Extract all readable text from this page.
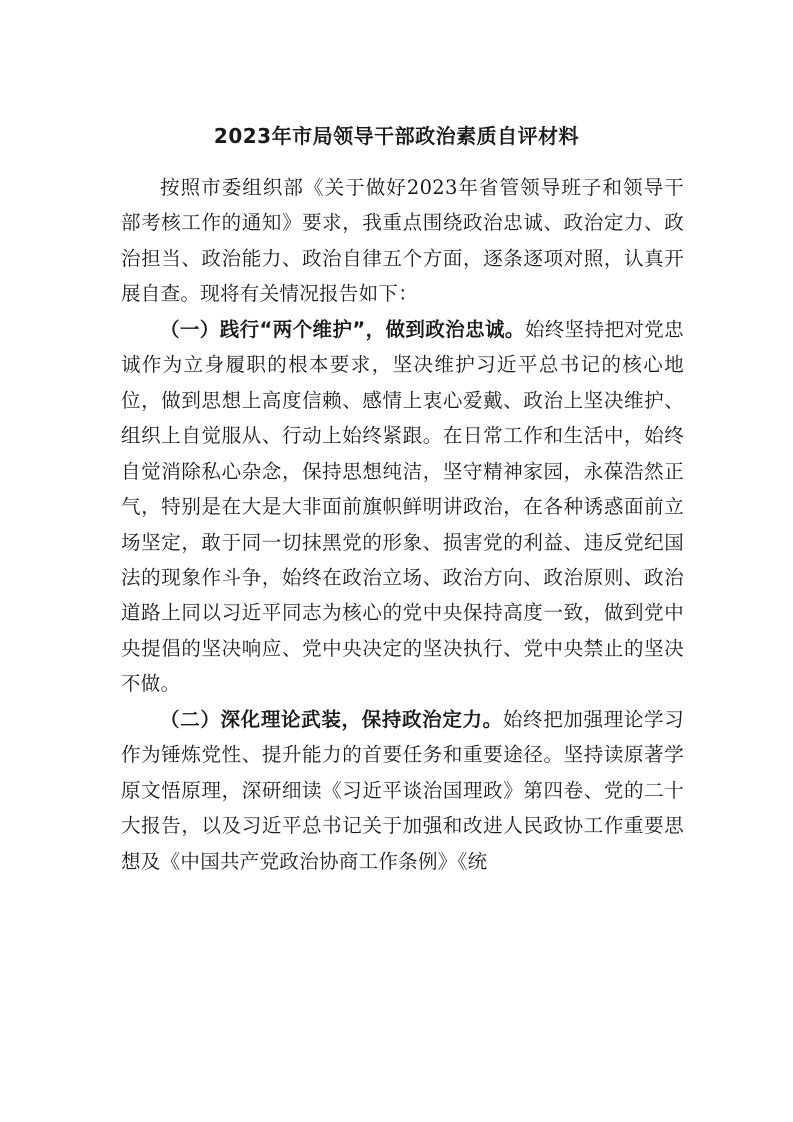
2023年市局领导干部政治素质自评材料

按照市委组织部《关于做好2023年省管领导班子和领导干部考核工作的通知》要求，我重点围绕政治忠诚、政治定力、政治担当、政治能力、政治自律五个方面，逐条逐项对照，认真开展自查。现将有关情况报告如下：

（一）践行“两个维护”，做到政治忠诚。始终坚持把对党忠诚作为立身履职的根本要求，坚决维护习近平总书记的核心地位，做到思想上高度信赖、感情上衷心爱戴、政治上坚决维护、组织上自觉服从、行动上始终紧跟。在日常工作和生活中，始终自觉消除私心杂念，保持思想纯洁，坚守精神家园，永葆浩然正气，特别是在大是大非面前旗帜鲜明讲政治，在各种诱惑面前立场坚定，敢于同一切抹黑党的形象、损害党的利益、违反党纪国法的现象作斗争，始终在政治立场、政治方向、政治原则、政治道路上同以习近平同志为核心的党中央保持高度一致，做到党中央提倡的坚决响应、党中央决定的坚决执行、党中央禁止的坚决不做。

（二）深化理论武装，保持政治定力。始终把加强理论学习作为锤炼党性、提升能力的首要任务和重要途径。坚持读原著学原文悟原理，深研细读《习近平谈治国理政》第四卷、党的二十大报告，以及习近平总书记关于加强和改进人民政协工作重要思想及《中国共产党政治协商工作条例》《统
